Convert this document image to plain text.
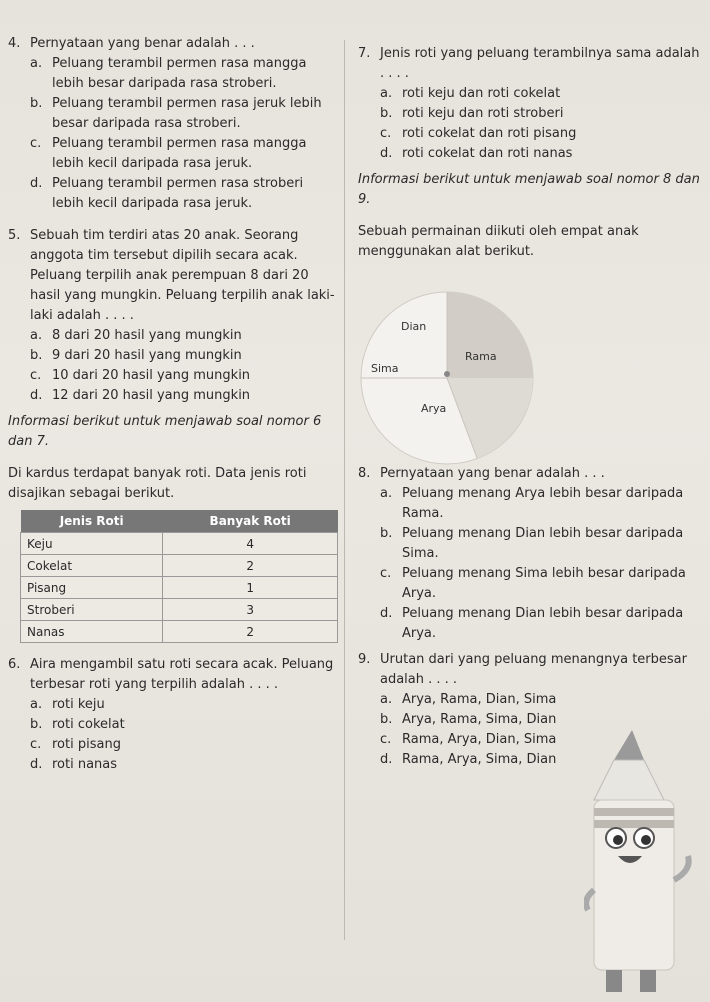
4. Pernyataan yang benar adalah . . .
a. Peluang terambil permen rasa mangga lebih besar daripada rasa stroberi.
b. Peluang terambil permen rasa jeruk lebih besar daripada rasa stroberi.
c. Peluang terambil permen rasa mangga lebih kecil daripada rasa jeruk.
d. Peluang terambil permen rasa stroberi lebih kecil daripada rasa jeruk.
5. Sebuah tim terdiri atas 20 anak. Seorang anggota tim tersebut dipilih secara acak. Peluang terpilih anak perempuan 8 dari 20 hasil yang mungkin. Peluang terpilih anak laki-laki adalah . . . .
a. 8 dari 20 hasil yang mungkin
b. 9 dari 20 hasil yang mungkin
c. 10 dari 20 hasil yang mungkin
d. 12 dari 20 hasil yang mungkin
Informasi berikut untuk menjawab soal nomor 6 dan 7.
Di kardus terdapat banyak roti. Data jenis roti disajikan sebagai berikut.
Jenis Roti	Banyak Roti
Keju	4
Cokelat	2
Pisang	1
Stroberi	3
Nanas	2
6. Aira mengambil satu roti secara acak. Peluang terbesar roti yang terpilih adalah . . . .
a. roti keju
b. roti cokelat
c. roti pisang
d. roti nanas
7. Jenis roti yang peluang terambilnya sama adalah . . . .
a. roti keju dan roti cokelat
b. roti keju dan roti stroberi
c. roti cokelat dan roti pisang
d. roti cokelat dan roti nanas
Informasi berikut untuk menjawab soal nomor 8 dan 9.
Sebuah permainan diikuti oleh empat anak menggunakan alat berikut.
8. Pernyataan yang benar adalah . . .
a. Peluang menang Arya lebih besar daripada Rama.
b. Peluang menang Dian lebih besar daripada Sima.
c. Peluang menang Sima lebih besar daripada Arya.
d. Peluang menang Dian lebih besar daripada Arya.
9. Urutan dari yang peluang menangnya terbesar adalah . . . .
a. Arya, Rama, Dian, Sima
b. Arya, Rama, Sima, Dian
c. Rama, Arya, Dian, Sima
d. Rama, Arya, Sima, Dian
Dian
Rama
Sima
Arya
